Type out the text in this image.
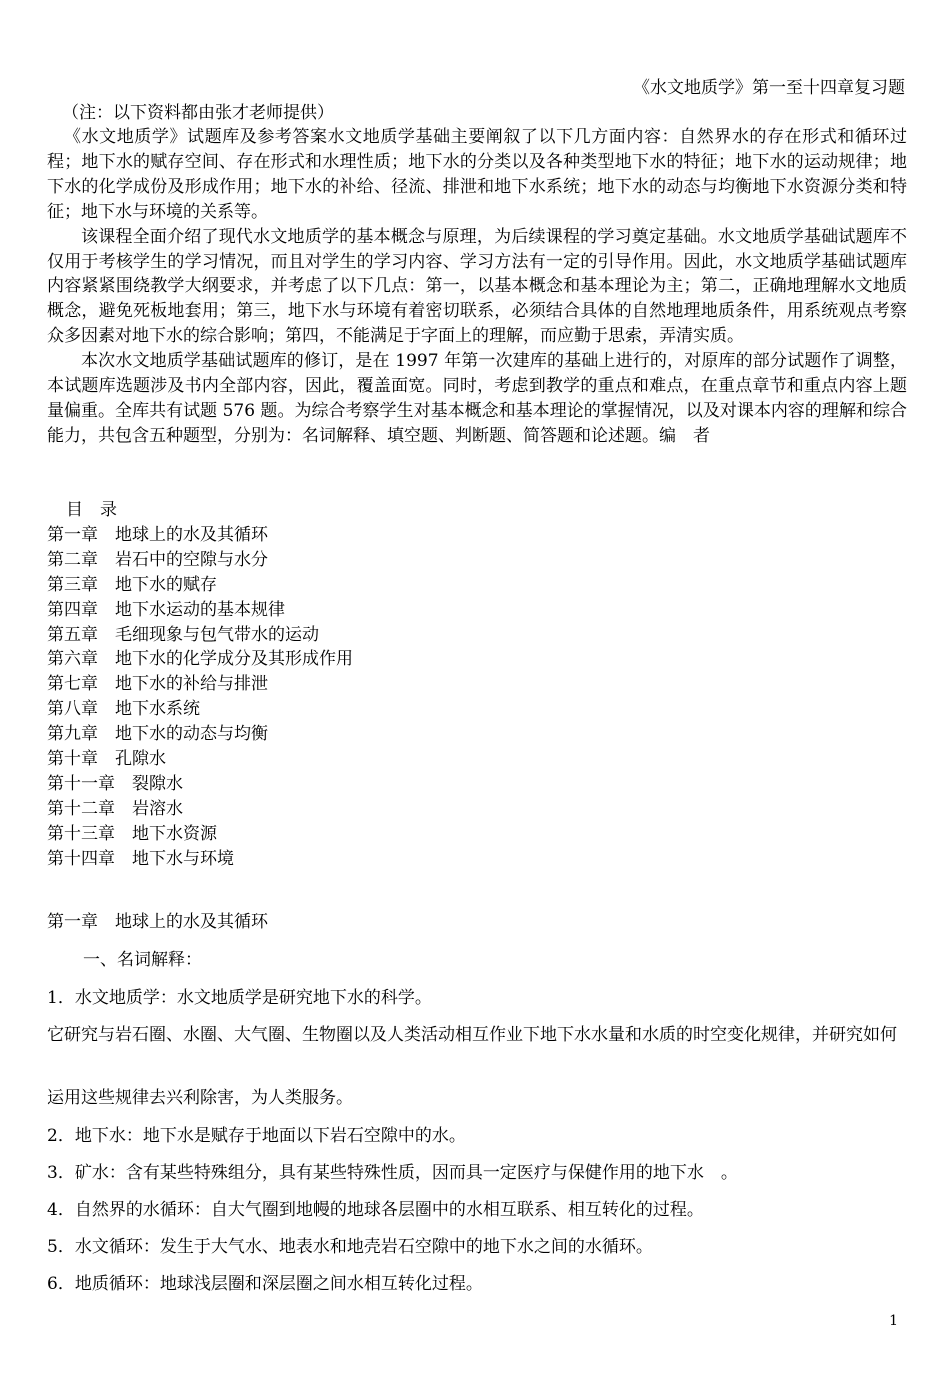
《水文地质学》第一至十四章复习题
（注：以下资料都由张才老师提供）

《水文地质学》试题库及参考答案水文地质学基础主要阐叙了以下几方面内容：自然界水的存在形式和循环过程；地下水的赋存空间、存在形式和水理性质；地下水的分类以及各种类型地下水的特征；地下水的运动规律；地下水的化学成份及形成作用；地下水的补给、径流、排泄和地下水系统；地下水的动态与均衡地下水资源分类和特征；地下水与环境的关系等。

该课程全面介绍了现代水文地质学的基本概念与原理，为后续课程的学习奠定基础。水文地质学基础试题库不仅用于考核学生的学习情况，而且对学生的学习内容、学习方法有一定的引导作用。因此，水文地质学基础试题库内容紧紧围绕教学大纲要求，并考虑了以下几点：第一，以基本概念和基本理论为主；第二，正确地理解水文地质概念，避免死板地套用；第三，地下水与环境有着密切联系，必须结合具体的自然地理地质条件，用系统观点考察众多因素对地下水的综合影响；第四，不能满足于字面上的理解，而应勤于思索，弄清实质。

本次水文地质学基础试题库的修订，是在 1997 年第一次建库的基础上进行的，对原库的部分试题作了调整，本试题库选题涉及书内全部内容，因此，覆盖面宽。同时，考虑到教学的重点和难点，在重点章节和重点内容上题量偏重。全库共有试题 576 题。为综合考察学生对基本概念和基本理论的掌握情况，以及对课本内容的理解和综合能力，共包含五种题型，分别为：名词解释、填空题、判断题、简答题和论述题。编　者

目　录
第一章　地球上的水及其循环
第二章　岩石中的空隙与水分
第三章　地下水的赋存
第四章　地下水运动的基本规律
第五章　毛细现象与包气带水的运动
第六章　地下水的化学成分及其形成作用
第七章　地下水的补给与排泄
第八章　地下水系统
第九章　地下水的动态与均衡
第十章　孔隙水
第十一章　裂隙水
第十二章　岩溶水
第十三章　地下水资源
第十四章　地下水与环境
第一章　地球上的水及其循环
一、名词解释：
1．水文地质学：水文地质学是研究地下水的科学。
它研究与岩石圈、水圈、大气圈、生物圈以及人类活动相互作业下地下水水量和水质的时空变化规律，并研究如何
运用这些规律去兴利除害，为人类服务。
2．地下水：地下水是赋存于地面以下岩石空隙中的水。
3．矿水：含有某些特殊组分，具有某些特殊性质，因而具一定医疗与保健作用的地下水　。
4．自然界的水循环：自大气圈到地幔的地球各层圈中的水相互联系、相互转化的过程。
5．水文循环：发生于大气水、地表水和地壳岩石空隙中的地下水之间的水循环。
6．地质循环：地球浅层圈和深层圈之间水相互转化过程。
1
